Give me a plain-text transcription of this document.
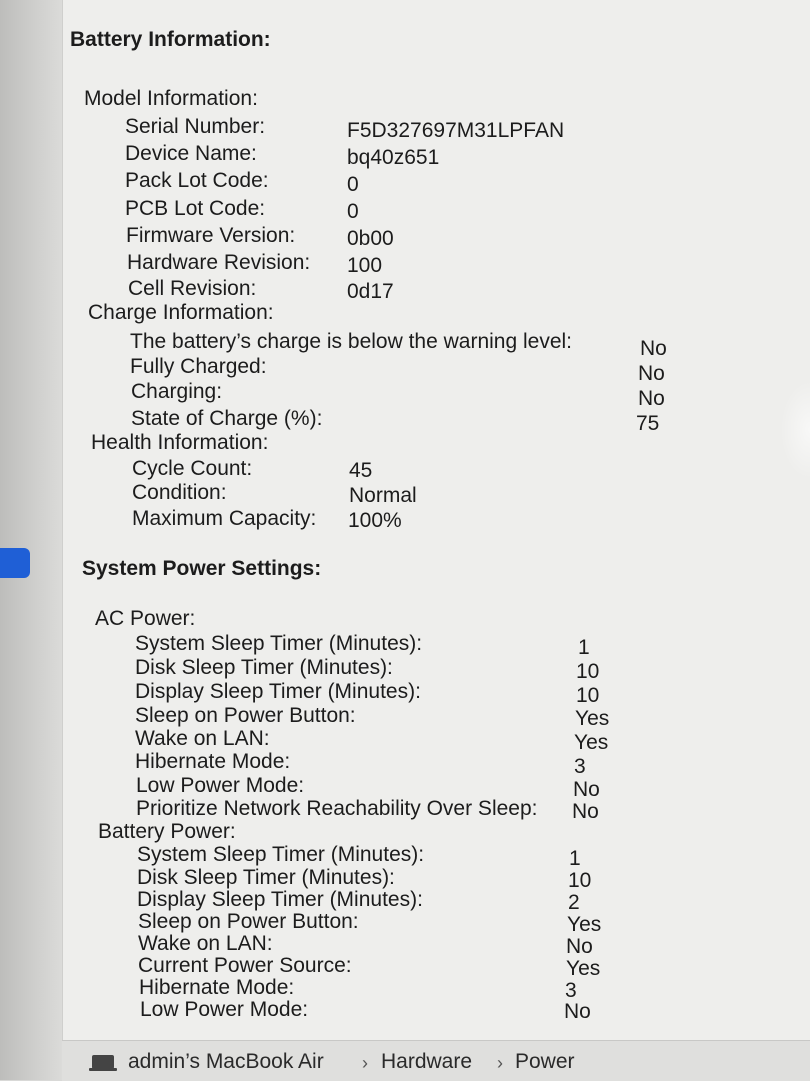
Battery Information:
Model Information:
Serial Number:	F5D327697M31LPFAN
Device Name:	bq40z651
Pack Lot Code:	0
PCB Lot Code:	0
Firmware Version: 0b00
Hardware Revision: 100
Cell Revision:	0d17
Charge Information:
The battery’s charge is below the warning level:	No
Fully Charged:	No
Charging:	No
State of Charge (%):	75
Health Information:
Cycle Count:	45
Condition:	Normal
Maximum Capacity: 100%
System Power Settings:
AC Power:
System Sleep Timer (Minutes):	1
Disk Sleep Timer (Minutes):	10
Display Sleep Timer (Minutes):	10
Sleep on Power Button:	Yes
Wake on LAN:	Yes
Hibernate Mode:	3
Low Power Mode:	No
Prioritize Network Reachability Over Sleep: No
Battery Power:
System Sleep Timer (Minutes):	1
Disk Sleep Timer (Minutes):	10
Display Sleep Timer (Minutes):	2
Sleep on Power Button:	Yes
Wake on LAN:	No
Current Power Source:	Yes
Hibernate Mode:	3
Low Power Mode:	No
admin’s MacBook Air › Hardware › Power
